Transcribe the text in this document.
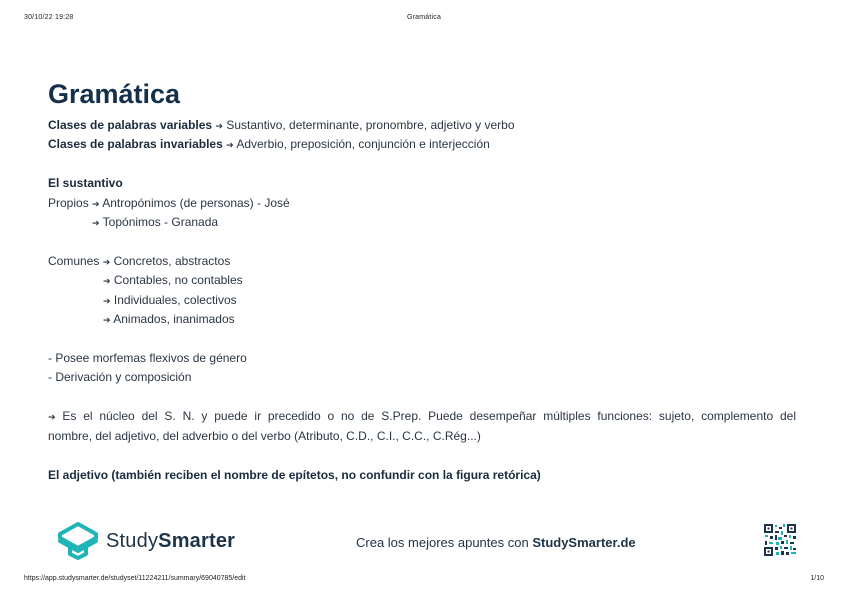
30/10/22 19:28	Gramática
Gramática
Clases de palabras variables ➔ Sustantivo, determinante, pronombre, adjetivo y verbo
Clases de palabras invariables ➔ Adverbio, preposición, conjunción e interjección
El sustantivo
Propios ➔ Antropónimos (de personas) - José
➔ Topónimos - Granada
Comunes ➔ Concretos, abstractos
➔ Contables, no contables
➔ Individuales, colectivos
➔ Animados, inanimados
- Posee morfemas flexivos de género
- Derivación y composición
➔ Es el núcleo del S. N. y puede ir precedido o no de S.Prep. Puede desempeñar múltiples funciones: sujeto, complemento del
nombre, del adjetivo, del adverbio o del verbo (Atributo, C.D., C.I., C.C., C.Rég...)
El adjetivo (también reciben el nombre de epítetos, no confundir con la figura retórica)
StudySmarter	Crea los mejores apuntes con StudySmarter.de
https://app.studysmarter.de/studyset/11224211/summary/69040785/edit	1/10
